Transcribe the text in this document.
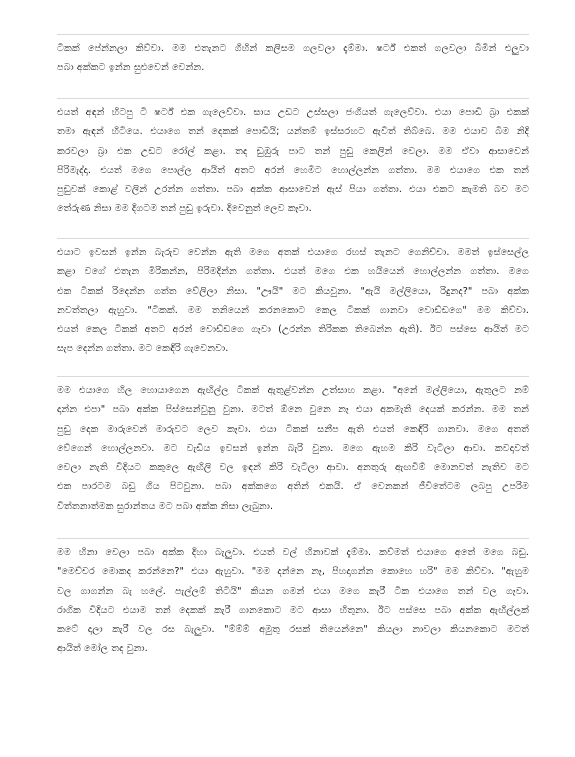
ටිකක් පේන්නලා කිව්වා. මම එතැනට ගිහින් කලිසම ගලවලා දැම්මා. ෂර්ට් එකත් ගලවලා බිමින් එලුවා
පබා අක්කට ඉන්න සුළුවෙන් වෙන්න.
එයත් අඳන් හිටපු ටී ෂර්ට් එක ගැලෙව්වා. සාය උඩට උස්සලා ජංගියත් ගැලෙව්වා. එයා පොඩි බ්‍රා එකක්
තමා ඇඳන් හිටියෙ. එයාගෙ තන් දෙකක් පොඩියි; යන්තම් ඉස්සරහට ඇවිත් තිබ්බෙ. මම එයාව බිම නිදි
කරවලා බ්‍රා එක උඩට රෝල් කළා. තද ඩුඹුරු පාට තන් පුඩු කෙලින් වෙලා. මම ඒවා ආසාවෙන්
පිරිමැද්දා. එයත් මගෙ පොල්ල ආයිත් අතට අරන් හෙමිට හොල්ලන්න ගත්තා. මම එයාගෙ එක තන්
පුඩුවක් කොළ් වලින් උරන්න ගත්තා. පබා අක්ක ආසාවෙන් ඇස් පියා ගත්තා. එයා එකට කැමති බව මට
තේරුණ නිසා මම දිගටම තන් පුඩු ඉරුවා. දිවෙනුත් ලෙව කෑවා.
එයාට ඉවසන් ඉන්න බැරුව වෙන්න ඇති මගෙ අතක් එයාගෙ රහස් තැනට ගෙනිච්චා. මමත් ඉස්සෙල්ල
කළා වගේ එතැන මිරිකන්න, පිරිමදින්න ගත්තා. එයත් මගෙ එක හයියෙන් හොල්ලන්න ගත්තා. මගෙ
එක ටිකක් රිදෙන්න ගත්ත වේලිලා නිසා. "ඌයි" මට කියවුනා. "ඇයි මල්ලියො, රිදුනද?" පබා අක්ක
නවත්තලා ඇහුවා. "ටිකක්. මම තනියෙන් කරනකොට කෙල ටිකක් ගානවා වොඩ්ඩගෙ" මම කිව්වා.
එයත් කෙල ටිකක් අතට අරන් වොඩ්ඩගෙ ගෑවා (උරන්න තිරිකක තිබෙන්න ඇති). ඊට පස්සෙ ආයිත් මට
සැප දෙන්න ගත්තා. මට කෙඳිරි ගැවෙනවා.
මම එයාගෙ හිල හොයාගෙන ඇඟිල්ල ටිකක් ඇතුළ්වන්න උත්සාහ කළා. "අනේ මල්ලියො, ඇතුලට නම්
දාන්න එපා" පබා අක්ක පිස්සෙන්වුනු වුනා. මටත් ඕනෙ වුනෙ නෑ එයා අකමැති දෙයක් කරන්න. මම තන්
පුඩු දෙක මාරුවෙන් මාරුවට ලෙව කෑවා. එයා ටිකක් සනීප ඇති එයත් කෙඳිරි ගානවා. මගෙ අතත්
වේගෙන් හොල්ලනවා. මට වැඩිය ඉවසන් ඉන්න බැරි වුනා. මගෙ ඇහම කිරි වැටිලා ආවා. කවදාවත්
වෙලා නැති විදියට කකුලෙ ඇඟිලි වල ඉඳන් කිරි වැටිලා ආවා. අනතුරු ඇඟවීම් මොනවත් නැතිව මට
එක පාරටම බඩු ගිය පිටවුනා. පබා අක්කගෙ අතින් එකයි. ඒ වෙනකන් ජීවිතේටම ලබපු උපරිම
විත්තනාත්මක සුරාන්තය මට පබා අක්ක නිසා ලැබුනා.
මම හිනා වෙලා පබා අක්ක දිහා බැලුවා. එයත් වල් හිනාවක් දැම්මා. කව්මත් එයාගෙ අතේ මගෙ බඩු.
"මෙච්චර මොකද කරන්නෙ?" එයා ඇහුවා. "මම දන්නෙ නෑ, පිහදාගන්න කොහෙ හරි" මම කිව්වා. "ඇහුම
වල ගාගන්න බැ හලේ. පැල්ලම් තිටියි" කියන ගමන් එයා මගෙ කැරී ටික එයාගෙ තන් වල ගෑවා.
රාගික විදියට එයාම තන් දෙකක් කැරී ගානකොට මට ආසා හිතුනා. ඊට පස්සෙ පබා අක්ක ඇඟිල්ලක්
කටේ දාලා කැරී වල රස බැලුවා. "ම්ම්ම් අමුතු රසක් තියෙන්නෙ" කියලා නාවලා කියනකොට මටත්
ආයිත් මෝල තද වුනා.
